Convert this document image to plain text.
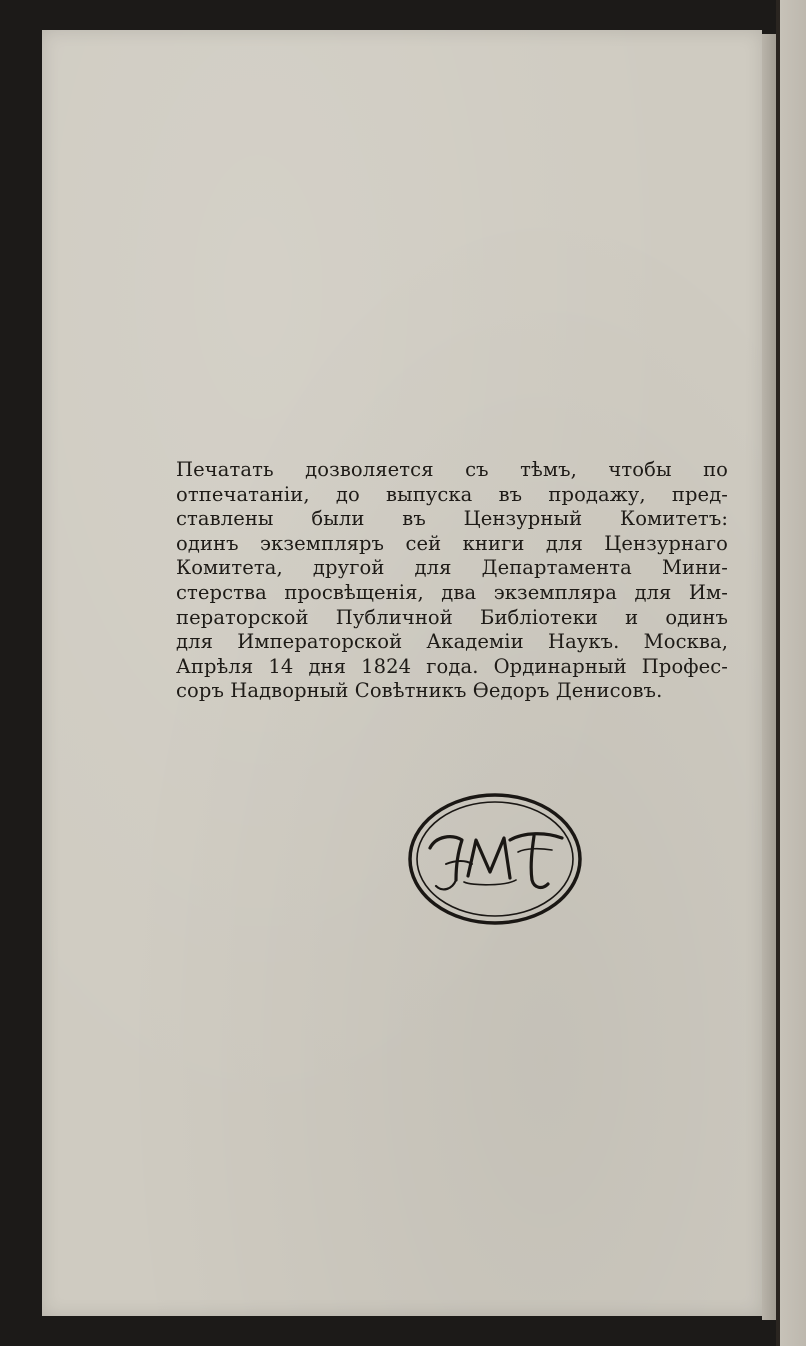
Печатать дозволяется съ тѣмъ, чтобы по
отпечатаніи, до выпуска въ продажу, пред-
ставлены были въ Цензурный Комитетъ:
одинъ экземпляръ сей книги для Цензурнаго
Комитета, другой для Департамента Мини-
стерства просвѣщенія, два экземпляра для Им-
ператорской Публичной Библіотеки и одинъ
для Императорской Академіи Наукъ. Москва,
Апрѣля 14 дня 1824 года. Ординарный Профес-
соръ Надворный Совѣтникъ Ѳедоръ Денисовъ.
